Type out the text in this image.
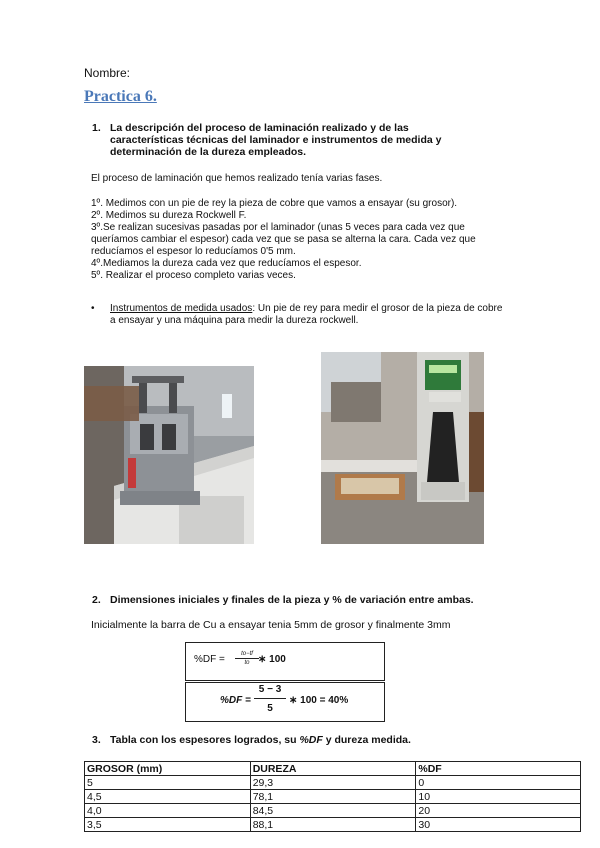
Nombre:
Practica 6.
1. La descripción del proceso de laminación realizado y de las características técnicas del laminador e instrumentos de medida y determinación de la dureza empleados.
El proceso de laminación que hemos realizado tenía varias fases.
1º. Medimos con un pie de rey la pieza de cobre que vamos a ensayar (su grosor).
2º. Medimos su dureza Rockwell F.
3º.Se realizan sucesivas pasadas por el laminador (unas 5 veces para cada vez que
queríamos cambiar el espesor) cada vez que se pasa se alterna la cara. Cada vez que
reducíamos el espesor lo reducíamos 0'5 mm.
4º.Mediamos la dureza cada vez que reducíamos el espesor.
5º. Realizar el proceso completo varias veces.
• Instrumentos de medida usados: Un pie de rey para medir el grosor de la pieza de cobre a ensayar y una máquina para medir la dureza rockwell.
2. Dimensiones iniciales y finales de la pieza y % de variación entre ambas.
Inicialmente la barra de Cu a ensayar tenia 5mm de grosor y finalmente 3mm
%DF =	to−tf
to ∗ 100
%DF =
5 − 3
5
∗ 100 = 40%
3. Tabla con los espesores logrados, su %DF y dureza medida.
GROSOR (mm)	DUREZA	%DF
5	29,3	0
4,5	78,1	10
4,0	84,5	20
3,5	88,1	30
